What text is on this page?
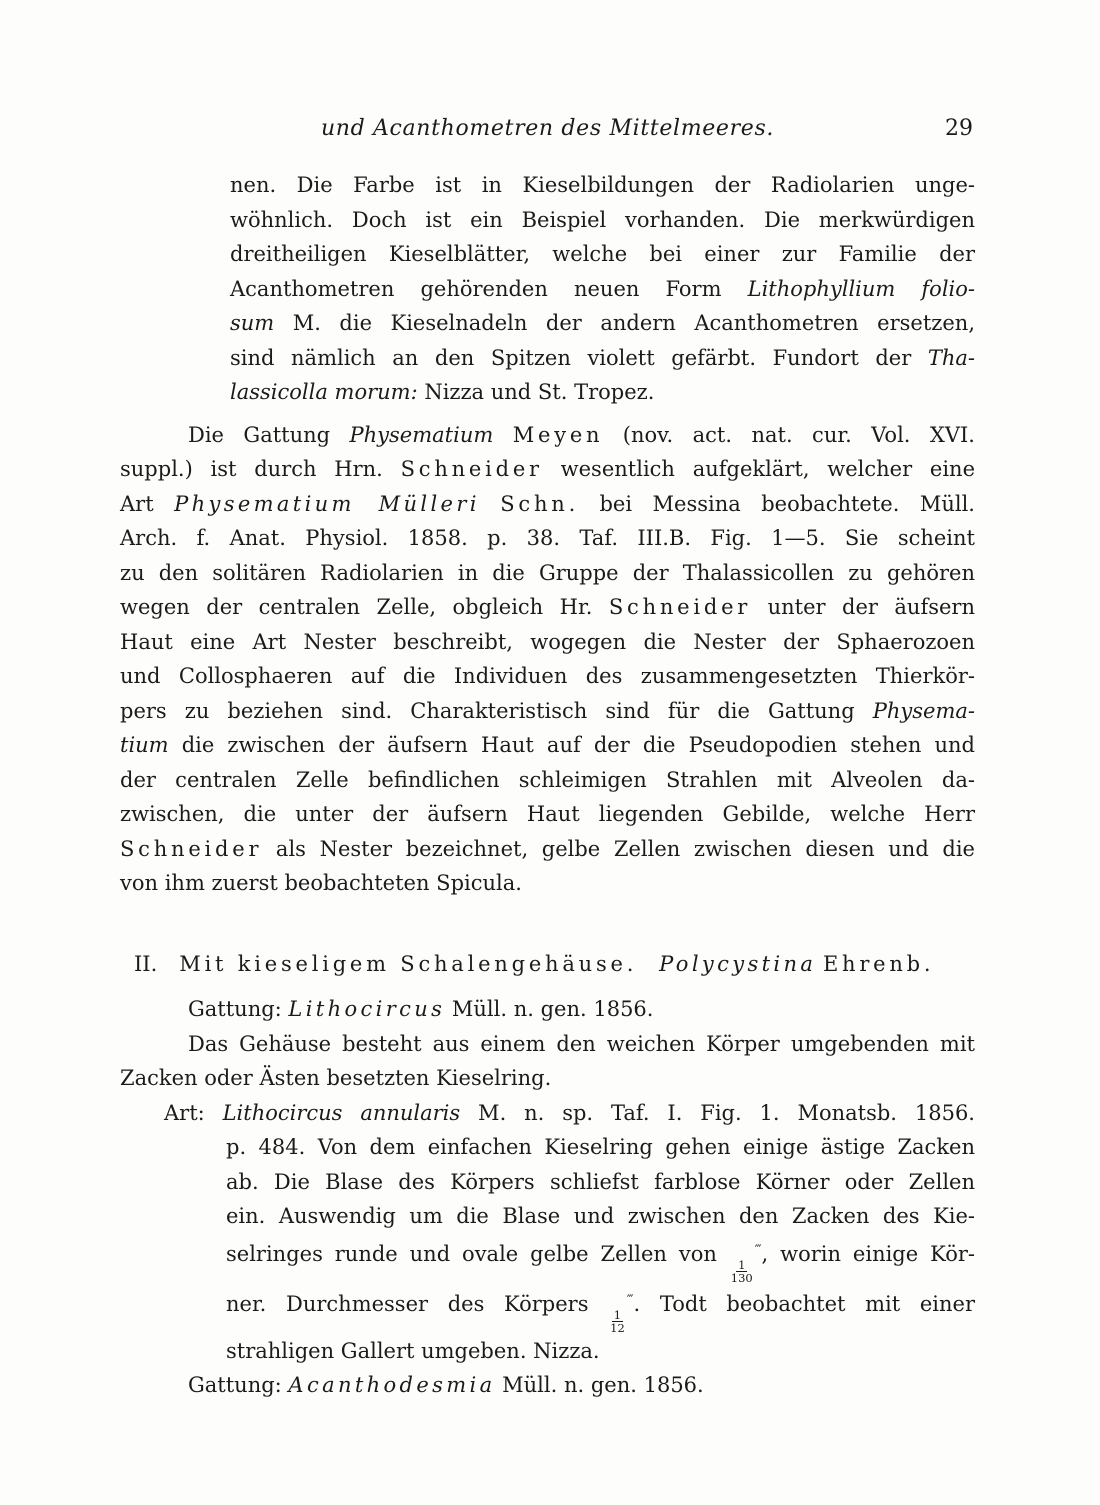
und Acanthometren des Mittelmeeres.	29
nen. Die Farbe ist in Kieselbildungen der Radiolarien unge-
wöhnlich. Doch ist ein Beispiel vorhanden. Die merkwürdigen
dreitheiligen Kieselblätter, welche bei einer zur Familie der
Acanthometren gehörenden neuen Form Lithophyllium folio-
sum M. die Kieselnadeln der andern Acanthometren ersetzen,
sind nämlich an den Spitzen violett gefärbt. Fundort der Tha-
lassicolla morum: Nizza und St. Tropez.
Die Gattung Physematium Meyen (nov. act. nat. cur. Vol. XVI.
suppl.) ist durch Hrn. Schneider wesentlich aufgeklärt, welcher eine
Art Physematium Mülleri Schn. bei Messina beobachtete. Müll.
Arch. f. Anat. Physiol. 1858. p. 38. Taf. III.B. Fig. 1—5. Sie scheint
zu den solitären Radiolarien in die Gruppe der Thalassicollen zu gehören
wegen der centralen Zelle, obgleich Hr. Schneider unter der äufsern
Haut eine Art Nester beschreibt, wogegen die Nester der Sphaerozoen
und Collosphaeren auf die Individuen des zusammengesetzten Thierkör-
pers zu beziehen sind. Charakteristisch sind für die Gattung Physema-
tium die zwischen der äufsern Haut auf der die Pseudopodien stehen und
der centralen Zelle befindlichen schleimigen Strahlen mit Alveolen da-
zwischen, die unter der äufsern Haut liegenden Gebilde, welche Herr
Schneider als Nester bezeichnet, gelbe Zellen zwischen diesen und die
von ihm zuerst beobachteten Spicula.
II. Mit kieseligem Schalengehäuse. Polycystina Ehrenb.
Gattung: Lithocircus Müll. n. gen. 1856.
Das Gehäuse besteht aus einem den weichen Körper umgebenden mit
Zacken oder Ästen besetzten Kieselring.
Art: Lithocircus annularis M. n. sp. Taf. I. Fig. 1. Monatsb. 1856.
p. 484. Von dem einfachen Kieselring gehen einige ästige Zacken
ab. Die Blase des Körpers schliefst farblose Körner oder Zellen
ein. Auswendig um die Blase und zwischen den Zacken des Kie-
selringes runde und ovale gelbe Zellen von
$\frac{1}{130}$
‴, worin einige Kör-
ner. Durchmesser des Körpers
$\frac{1}{12}$
‴. Todt beobachtet mit einer
strahligen Gallert umgeben. Nizza.
Gattung: Acanthodesmia Müll. n. gen. 1856.
